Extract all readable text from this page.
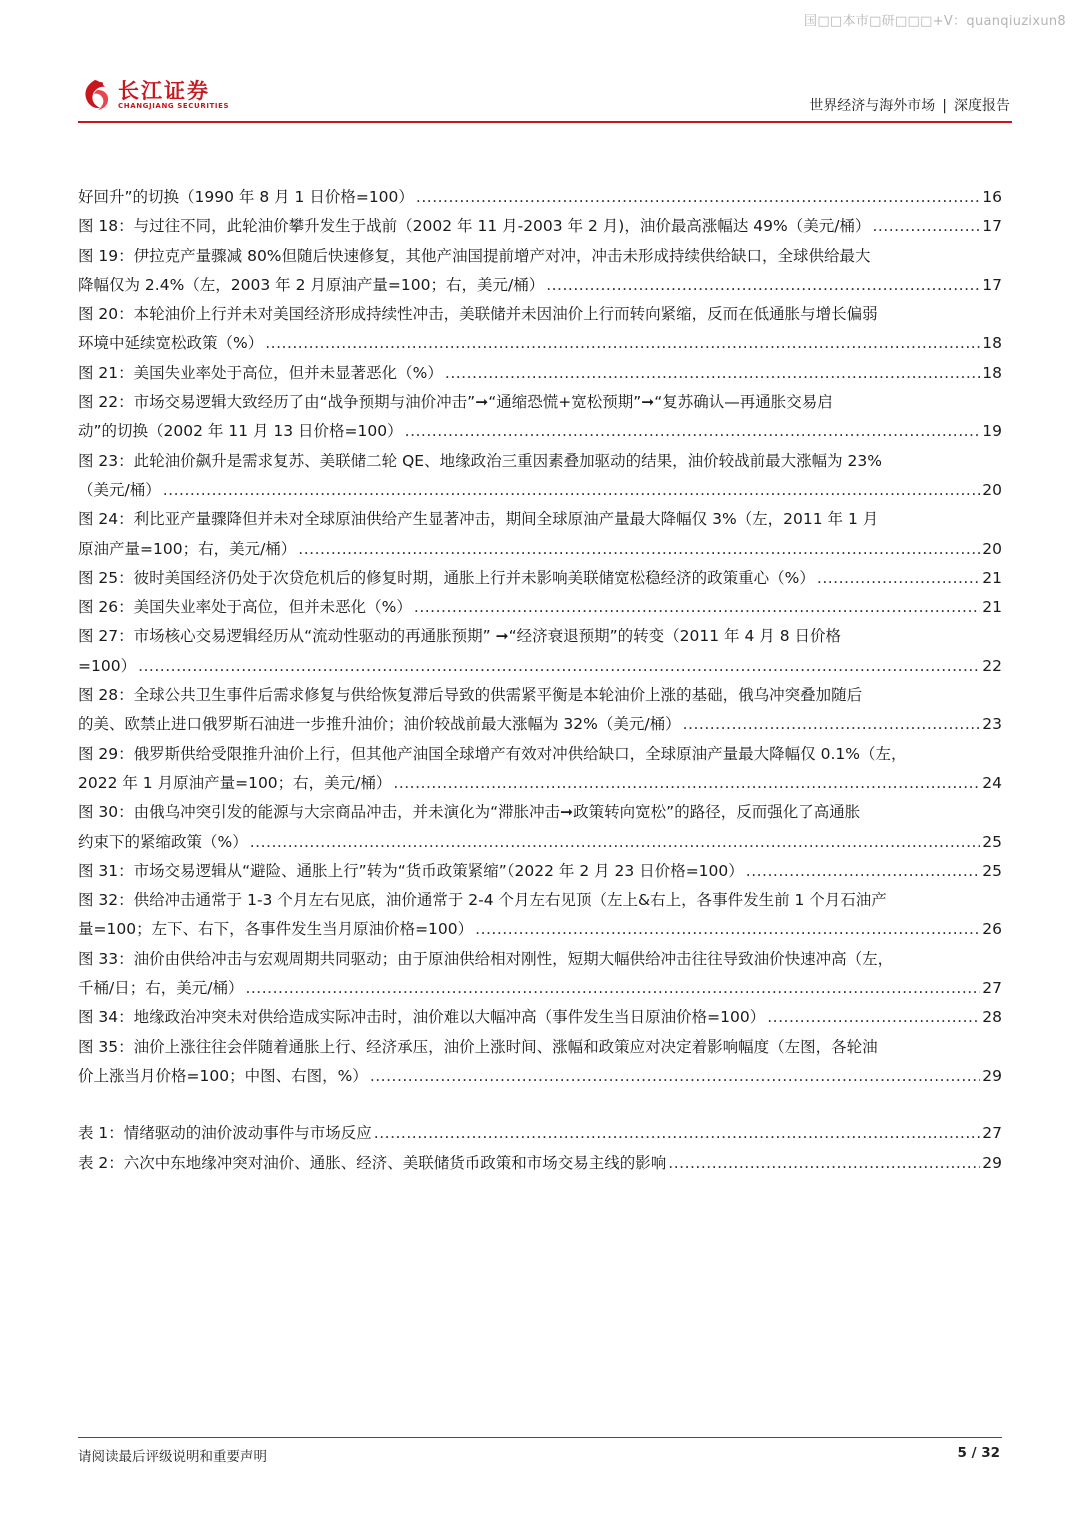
国□□本市□研□□□+V：quanqiuzixun8
长江证券
CHANGJIANG SECURITIES	世界经济与海外市场 | 深度报告
好回升”的切换（1990 年 8 月 1 日价格=100） .....	16
图 18：与过往不同，此轮油价攀升发生于战前（2002 年 11 月-2003 年 2 月)，油价最高涨幅达 49%（美元/桶） .....	17
图 19：伊拉克产量骤减 80%但随后快速修复，其他产油国提前增产对冲，冲击未形成持续供给缺口，全球供给最大
降幅仅为 2.4%（左，2003 年 2 月原油产量=100；右，美元/桶） .....	17
图 20：本轮油价上行并未对美国经济形成持续性冲击，美联储并未因油价上行而转向紧缩，反而在低通胀与增长偏弱
环境中延续宽松政策（%） .....	18
图 21：美国失业率处于高位，但并未显著恶化（%） .....	18
图 22：市场交易逻辑大致经历了由“战争预期与油价冲击”➞“通缩恐慌+宽松预期”➞“复苏确认—再通胀交易启
动”的切换（2002 年 11 月 13 日价格=100） .....	19
图 23：此轮油价飙升是需求复苏、美联储二轮 QE、地缘政治三重因素叠加驱动的结果，油价较战前最大涨幅为 23%
（美元/桶） .....	20
图 24：利比亚产量骤降但并未对全球原油供给产生显著冲击，期间全球原油产量最大降幅仅 3%（左，2011 年 1 月
原油产量=100；右，美元/桶） .....	20
图 25：彼时美国经济仍处于次贷危机后的修复时期，通胀上行并未影响美联储宽松稳经济的政策重心（%） .....	21
图 26：美国失业率处于高位，但并未恶化（%） .....	21
图 27：市场核心交易逻辑经历从“流动性驱动的再通胀预期” ➞“经济衰退预期”的转变（2011 年 4 月 8 日价格
=100） .....	22
图 28：全球公共卫生事件后需求修复与供给恢复滞后导致的供需紧平衡是本轮油价上涨的基础，俄乌冲突叠加随后
的美、欧禁止进口俄罗斯石油进一步推升油价；油价较战前最大涨幅为 32%（美元/桶） .....	23
图 29：俄罗斯供给受限推升油价上行，但其他产油国全球增产有效对冲供给缺口，全球原油产量最大降幅仅 0.1%（左，
2022 年 1 月原油产量=100；右，美元/桶） .....	24
图 30：由俄乌冲突引发的能源与大宗商品冲击，并未演化为“滞胀冲击➞政策转向宽松”的路径，反而强化了高通胀
约束下的紧缩政策（%） .....	25
图 31：市场交易逻辑从“避险、通胀上行”转为“货币政策紧缩”（2022 年 2 月 23 日价格=100） .....	25
图 32：供给冲击通常于 1-3 个月左右见底，油价通常于 2-4 个月左右见顶（左上&右上，各事件发生前 1 个月石油产
量=100；左下、右下，各事件发生当月原油价格=100） .....	26
图 33：油价由供给冲击与宏观周期共同驱动；由于原油供给相对刚性，短期大幅供给冲击往往导致油价快速冲高（左，
千桶/日；右，美元/桶） .....	27
图 34：地缘政治冲突未对供给造成实际冲击时，油价难以大幅冲高（事件发生当日原油价格=100） .....	28
图 35：油价上涨往往会伴随着通胀上行、经济承压，油价上涨时间、涨幅和政策应对决定着影响幅度（左图，各轮油
价上涨当月价格=100；中图、右图，%） .....	29
表 1：情绪驱动的油价波动事件与市场反应 .....	27
表 2：六次中东地缘冲突对油价、通胀、经济、美联储货币政策和市场交易主线的影响 .....	29
请阅读最后评级说明和重要声明	5 / 32
